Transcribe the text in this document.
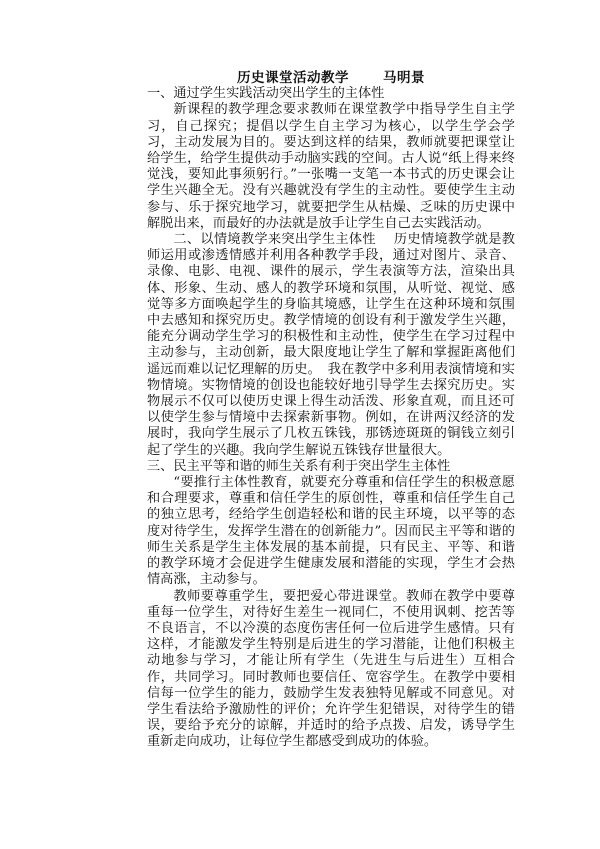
历史课堂活动教学	马明景

一、通过学生实践活动突出学生的主体性

新课程的教学理念要求教师在课堂教学中指导学生自主学习，自己探究；提倡以学生自主学习为核心，以学生学会学习，主动发展为目的。要达到这样的结果，教师就要把课堂让给学生，给学生提供动手动脑实践的空间。古人说“纸上得来终觉浅，要知此事须躬行。”一张嘴一支笔一本书式的历史课会让学生兴趣全无。没有兴趣就没有学生的主动性。要使学生主动参与、乐于探究地学习，就要把学生从枯燥、乏味的历史课中解脱出来，而最好的办法就是放手让学生自己去实践活动。

二、以情境教学来突出学生主体性　 历史情境教学就是教师运用或渗透情感并利用各种教学手段，通过对图片、录音、录像、电影、电视、课件的展示，学生表演等方法，渲染出具体、形象、生动、感人的教学环境和氛围，从听觉、视觉、感觉等多方面唤起学生的身临其境感，让学生在这种环境和氛围中去感知和探究历史。教学情境的创设有利于激发学生兴趣，能充分调动学生学习的积极性和主动性，使学生在学习过程中主动参与，主动创新，最大限度地让学生了解和掌握距离他们遥远而难以记忆理解的历史。　我在教学中多利用表演情境和实物情境。实物情境的创设也能较好地引导学生去探究历史。实物展示不仅可以使历史课上得生动活泼、形象直观，而且还可以使学生参与情境中去探索新事物。例如，在讲两汉经济的发展时，我向学生展示了几枚五铢钱，那锈迹斑斑的铜钱立刻引起了学生的兴趣。我向学生解说五铢钱存世量很大。

三、民主平等和谐的师生关系有利于突出学生主体性

“要推行主体性教育，就要充分尊重和信任学生的积极意愿和合理要求，尊重和信任学生的原创性，尊重和信任学生自己的独立思考，经给学生创造轻松和谐的民主环境，以平等的态度对待学生，发挥学生潜在的创新能力”。因而民主平等和谐的师生关系是学生主体发展的基本前提，只有民主、平等、和谐的教学环境才会促进学生健康发展和潜能的实现，学生才会热情高涨，主动参与。

教师要尊重学生，要把爱心带进课堂。教师在教学中要尊重每一位学生，对待好生差生一视同仁，不使用讽刺、挖苦等不良语言，不以冷漠的态度伤害任何一位后进学生感情。只有这样，才能激发学生特别是后进生的学习潜能，让他们积极主动地参与学习，才能让所有学生（先进生与后进生）互相合作，共同学习。同时教师也要信任、宽容学生。在教学中要相信每一位学生的能力，鼓励学生发表独特见解或不同意见。对学生看法给予激励性的评价；允许学生犯错误，对待学生的错误，要给予充分的谅解，并适时的给予点拨、启发，诱导学生重新走向成功，让每位学生都感受到成功的体验。
